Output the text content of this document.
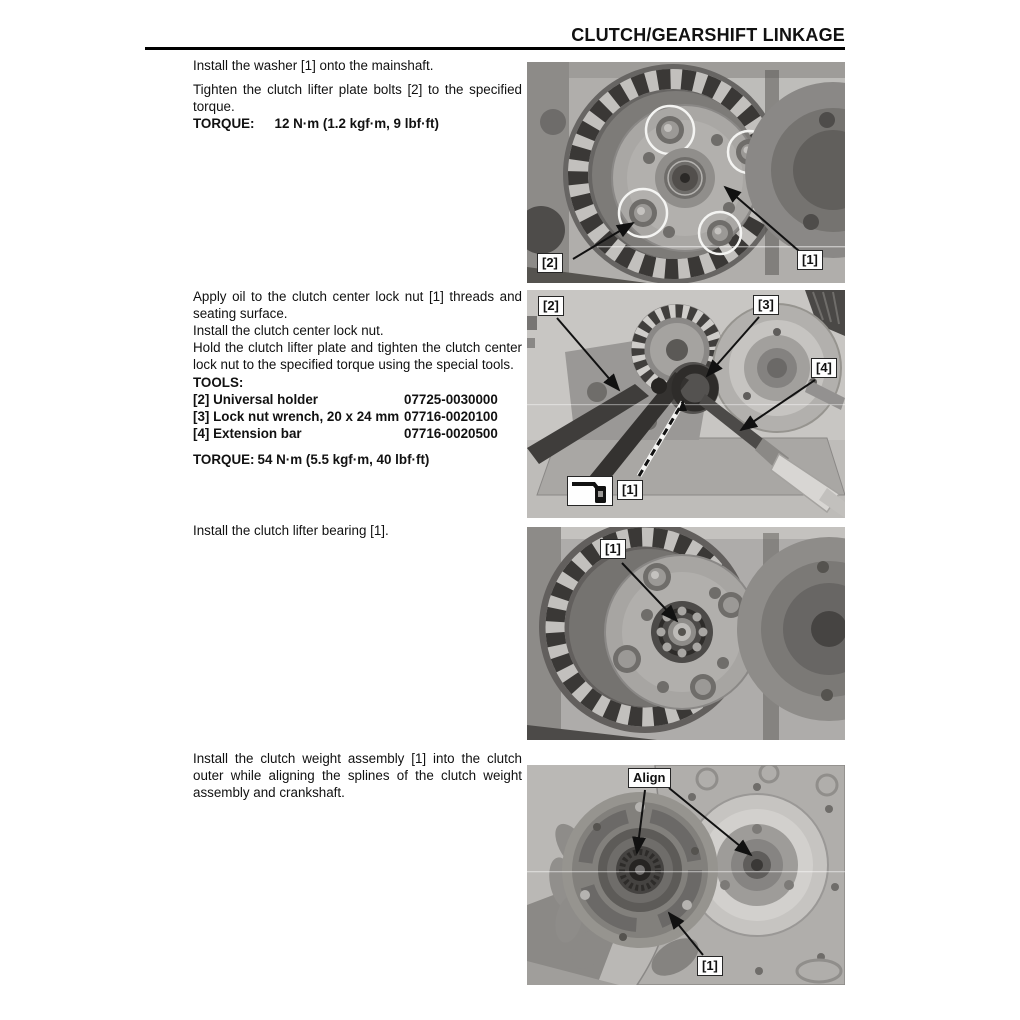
CLUTCH/GEARSHIFT LINKAGE

Install the washer [1] onto the mainshaft.

Tighten the clutch lifter plate bolts [2] to the specified torque.

TORQUE: 12 N·m (1.2 kgf·m, 9 lbf·ft)

Apply oil to the clutch center lock nut [1] threads and seating surface.

Install the clutch center lock nut.

Hold the clutch lifter plate and tighten the clutch center lock nut to the specified torque using the special tools.

TOOLS:
[2] Universal holder	07725-0030000
[3] Lock nut wrench, 20 x 24 mm 07716-0020100
[4] Extension bar	07716-0020500
TORQUE: 54 N·m (5.5 kgf·m, 40 lbf·ft)

Install the clutch lifter bearing [1].

Install the clutch weight assembly [1] into the clutch outer while aligning the splines of the clutch weight assembly and crankshaft.

[2]	[1]
[2]	[3]
[4]
[1]
[1]
Align
[1]
